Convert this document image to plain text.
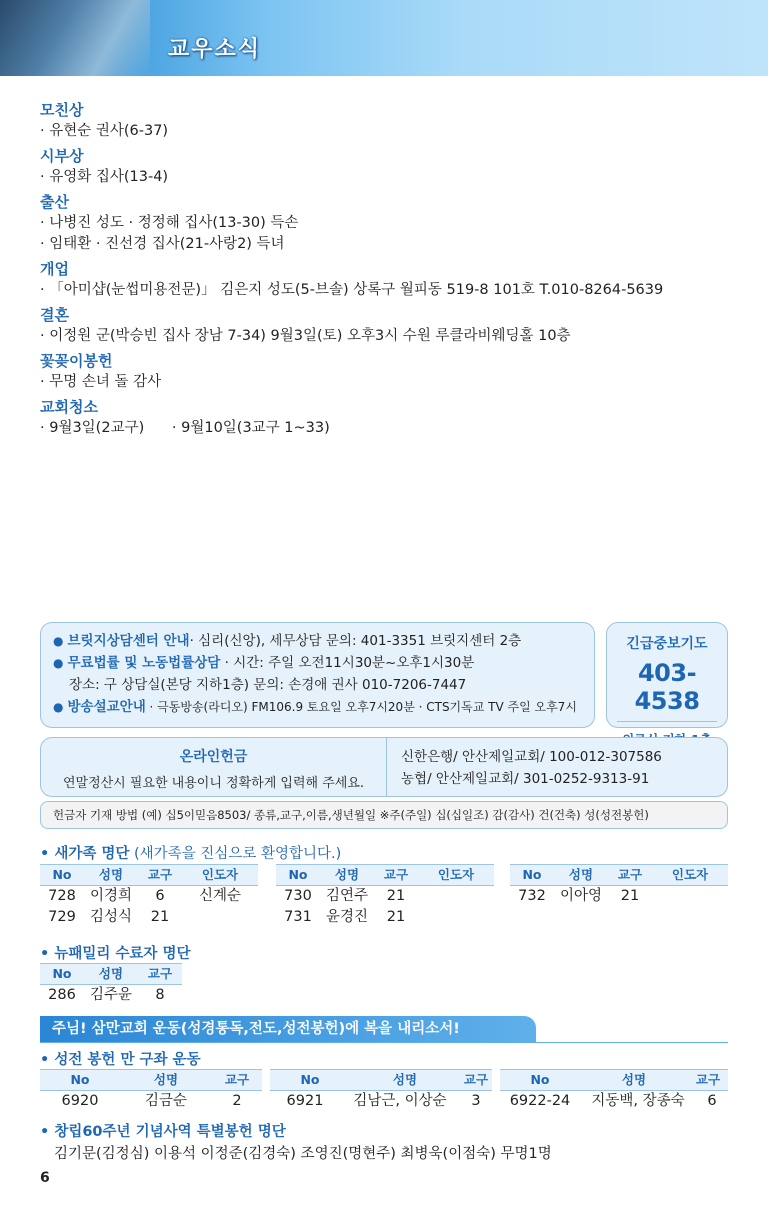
교우소식
모친상
· 유현순 권사(6-37)
시부상
· 유영화 집사(13-4)
출산
· 나병진 성도 · 정정해 집사(13-30) 득손
· 임태환 · 진선경 집사(21-사랑2) 득녀
개업
· 「아미샵(눈썹미용전문)」 김은지 성도(5-브솔) 상록구 월피동 519-8 101호 T.010-8264-5639
결혼
· 이정원 군(박승빈 집사 장남 7-34) 9월3일(토) 오후3시 수원 루클라비웨딩홀 10층
꽃꽂이봉헌
· 무명 손녀 돌 감사
교회청소
· 9월3일(2교구)      · 9월10일(3교구 1~33)
● 브릿지상담센터 안내· 심리(신앙), 세무상담 문의: 401-3351 브릿지센터 2층
● 무료법률 및 노동법률상담 · 시간: 주일 오전11시30분~오후1시30분
장소: 구 상담실(본당 지하1층) 문의: 손경애 권사 010-7206-7447
● 방송설교안내 · 극동방송(라디오) FM106.9 토요일 오후7시20분 · CTS기독교 TV 주일 오후7시
긴급중보기도
403-4538
온라인헌금
연말정산시 필요한 내용이니 정확하게 입력해 주세요.
신한은행/ 안산제일교회/ 100-012-307586
농협/ 안산제일교회/ 301-0252-9313-91
헌금자 기재 방법 (예) 십5이믿음8503/ 종류,교구,이름,생년월일 ※주(주일) 십(십일조) 감(감사) 건(건축) 성(성전봉헌)
• 새가족 명단 (새가족을 진심으로 환영합니다.)
No	성명	교구	인도자
728 이경희	6	신계순
729 김성식	21
No	성명	교구	인도자
730 김연주	21
731 윤경진	21
No	성명	교구	인도자
732 이아영	21
• 뉴패밀리 수료자 명단
No	성명	교구
286 김주윤	8
주님! 삼만교회 운동(성경통독,전도,성전봉헌)에 복을 내리소서!
• 성전 봉헌 만 구좌 운동
No	성명	교구
6920	김금순	2
No	성명	교구
6921	김남근, 이상순	3
No	성명	교구
6922-24	지동백, 장종숙	6
• 창립60주년 기념사역 특별봉헌 명단
김기문(김정심) 이용석 이정준(김경숙) 조영진(명현주) 최병욱(이점숙) 무명1명
6
